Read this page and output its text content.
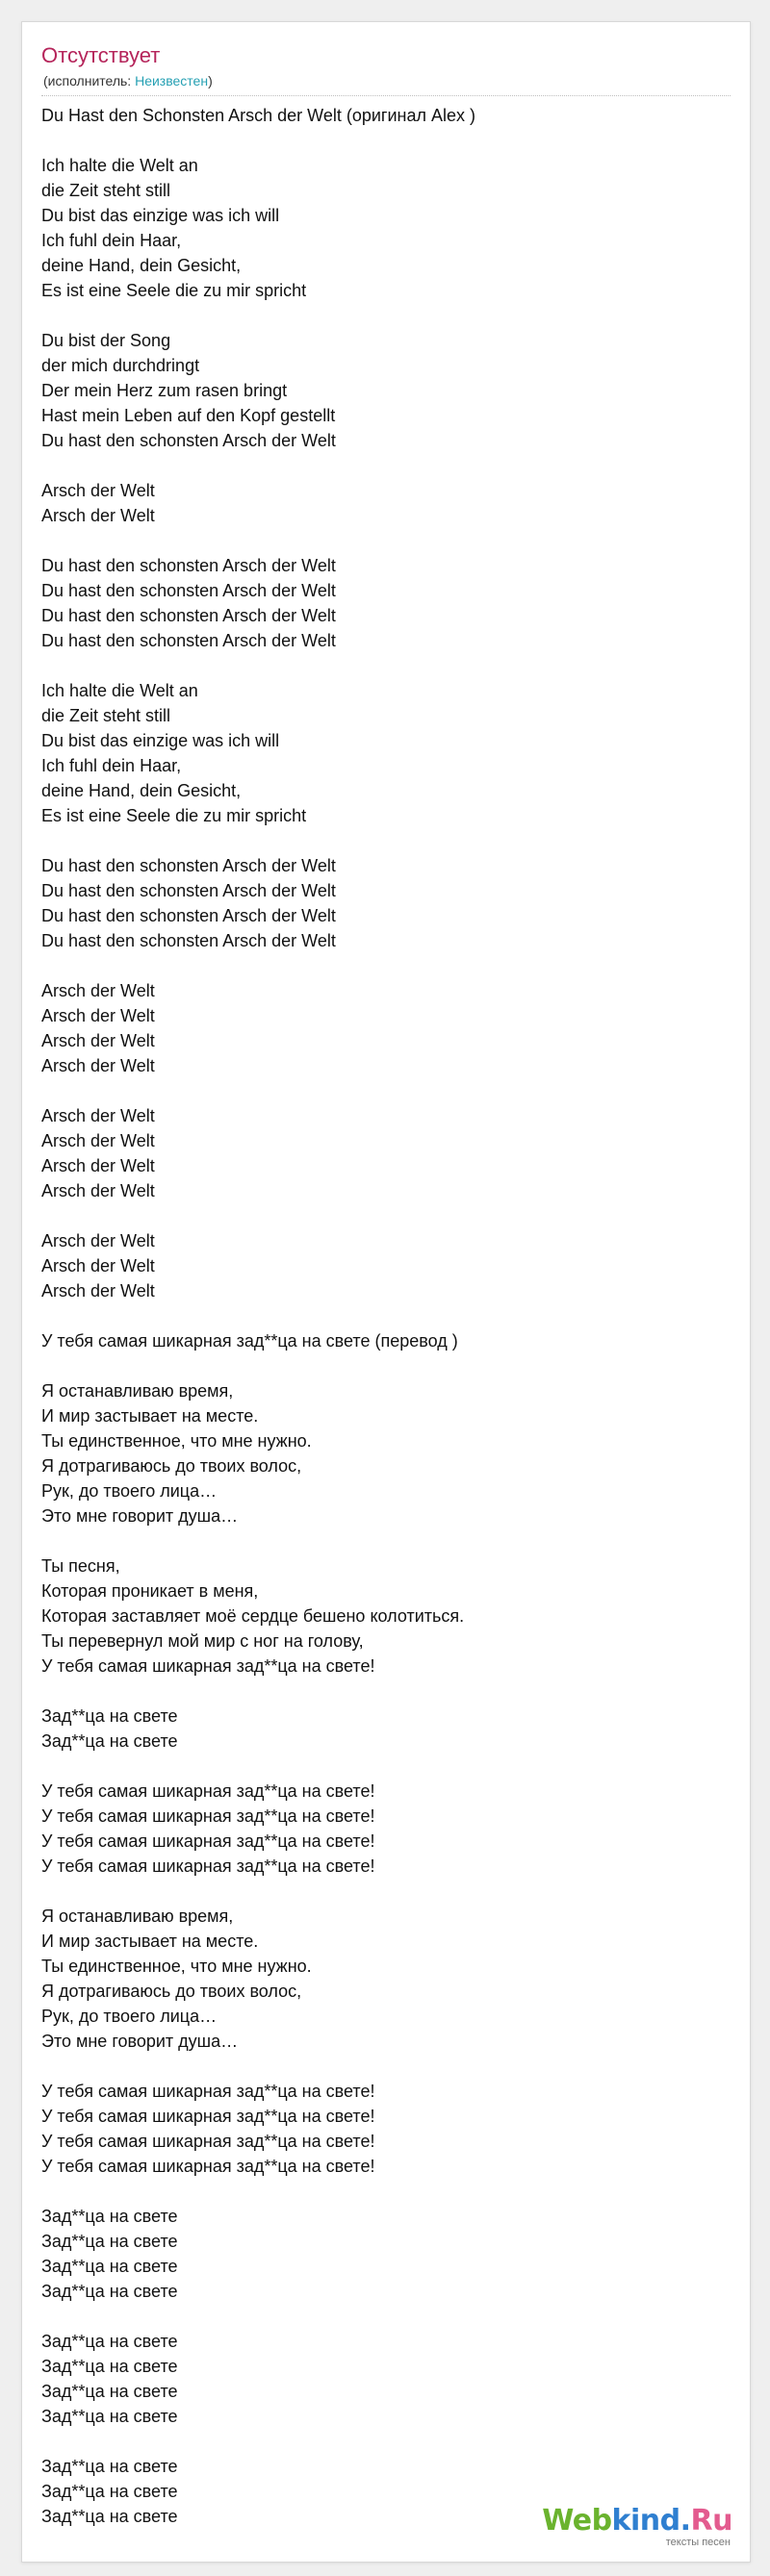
Отсутствует
(исполнитель: Неизвестен)
Du Hast den Schonsten Arsch der Welt (оригинал Alex )
Ich halte die Welt an
die Zeit steht still
Du bist das einzige was ich will
Ich fuhl dein Haar,
deine Hand, dein Gesicht,
Es ist eine Seele die zu mir spricht
Du bist der Song
der mich durchdringt
Der mein Herz zum rasen bringt
Hast mein Leben auf den Kopf gestellt
Du hast den schonsten Arsch der Welt
Arsch der Welt
Arsch der Welt
Du hast den schonsten Arsch der Welt
Du hast den schonsten Arsch der Welt
Du hast den schonsten Arsch der Welt
Du hast den schonsten Arsch der Welt
Ich halte die Welt an
die Zeit steht still
Du bist das einzige was ich will
Ich fuhl dein Haar,
deine Hand, dein Gesicht,
Es ist eine Seele die zu mir spricht
Du hast den schonsten Arsch der Welt
Du hast den schonsten Arsch der Welt
Du hast den schonsten Arsch der Welt
Du hast den schonsten Arsch der Welt
Arsch der Welt
Arsch der Welt
Arsch der Welt
Arsch der Welt
Arsch der Welt
Arsch der Welt
Arsch der Welt
Arsch der Welt
Arsch der Welt
Arsch der Welt
Arsch der Welt
У тебя самая шикарная зад**ца на свете (перевод )
Я останавливаю время,
И мир застывает на месте.
Ты единственное, что мне нужно.
Я дотрагиваюсь до твоих волос,
Рук, до твоего лица…
Это мне говорит душа…
Ты песня,
Которая проникает в меня,
Которая заставляет моё сердце бешено колотиться.
Ты перевернул мой мир с ног на голову,
У тебя самая шикарная зад**ца на свете!
Зад**ца на свете
Зад**ца на свете
У тебя самая шикарная зад**ца на свете!
У тебя самая шикарная зад**ца на свете!
У тебя самая шикарная зад**ца на свете!
У тебя самая шикарная зад**ца на свете!
Я останавливаю время,
И мир застывает на месте.
Ты единственное, что мне нужно.
Я дотрагиваюсь до твоих волос,
Рук, до твоего лица…
Это мне говорит душа…
У тебя самая шикарная зад**ца на свете!
У тебя самая шикарная зад**ца на свете!
У тебя самая шикарная зад**ца на свете!
У тебя самая шикарная зад**ца на свете!
Зад**ца на свете
Зад**ца на свете
Зад**ца на свете
Зад**ца на свете
Зад**ца на свете
Зад**ца на свете
Зад**ца на свете
Зад**ца на свете
Зад**ца на свете
Зад**ца на свете
Зад**ца на свете	Webkind.Ru
тексты песен
